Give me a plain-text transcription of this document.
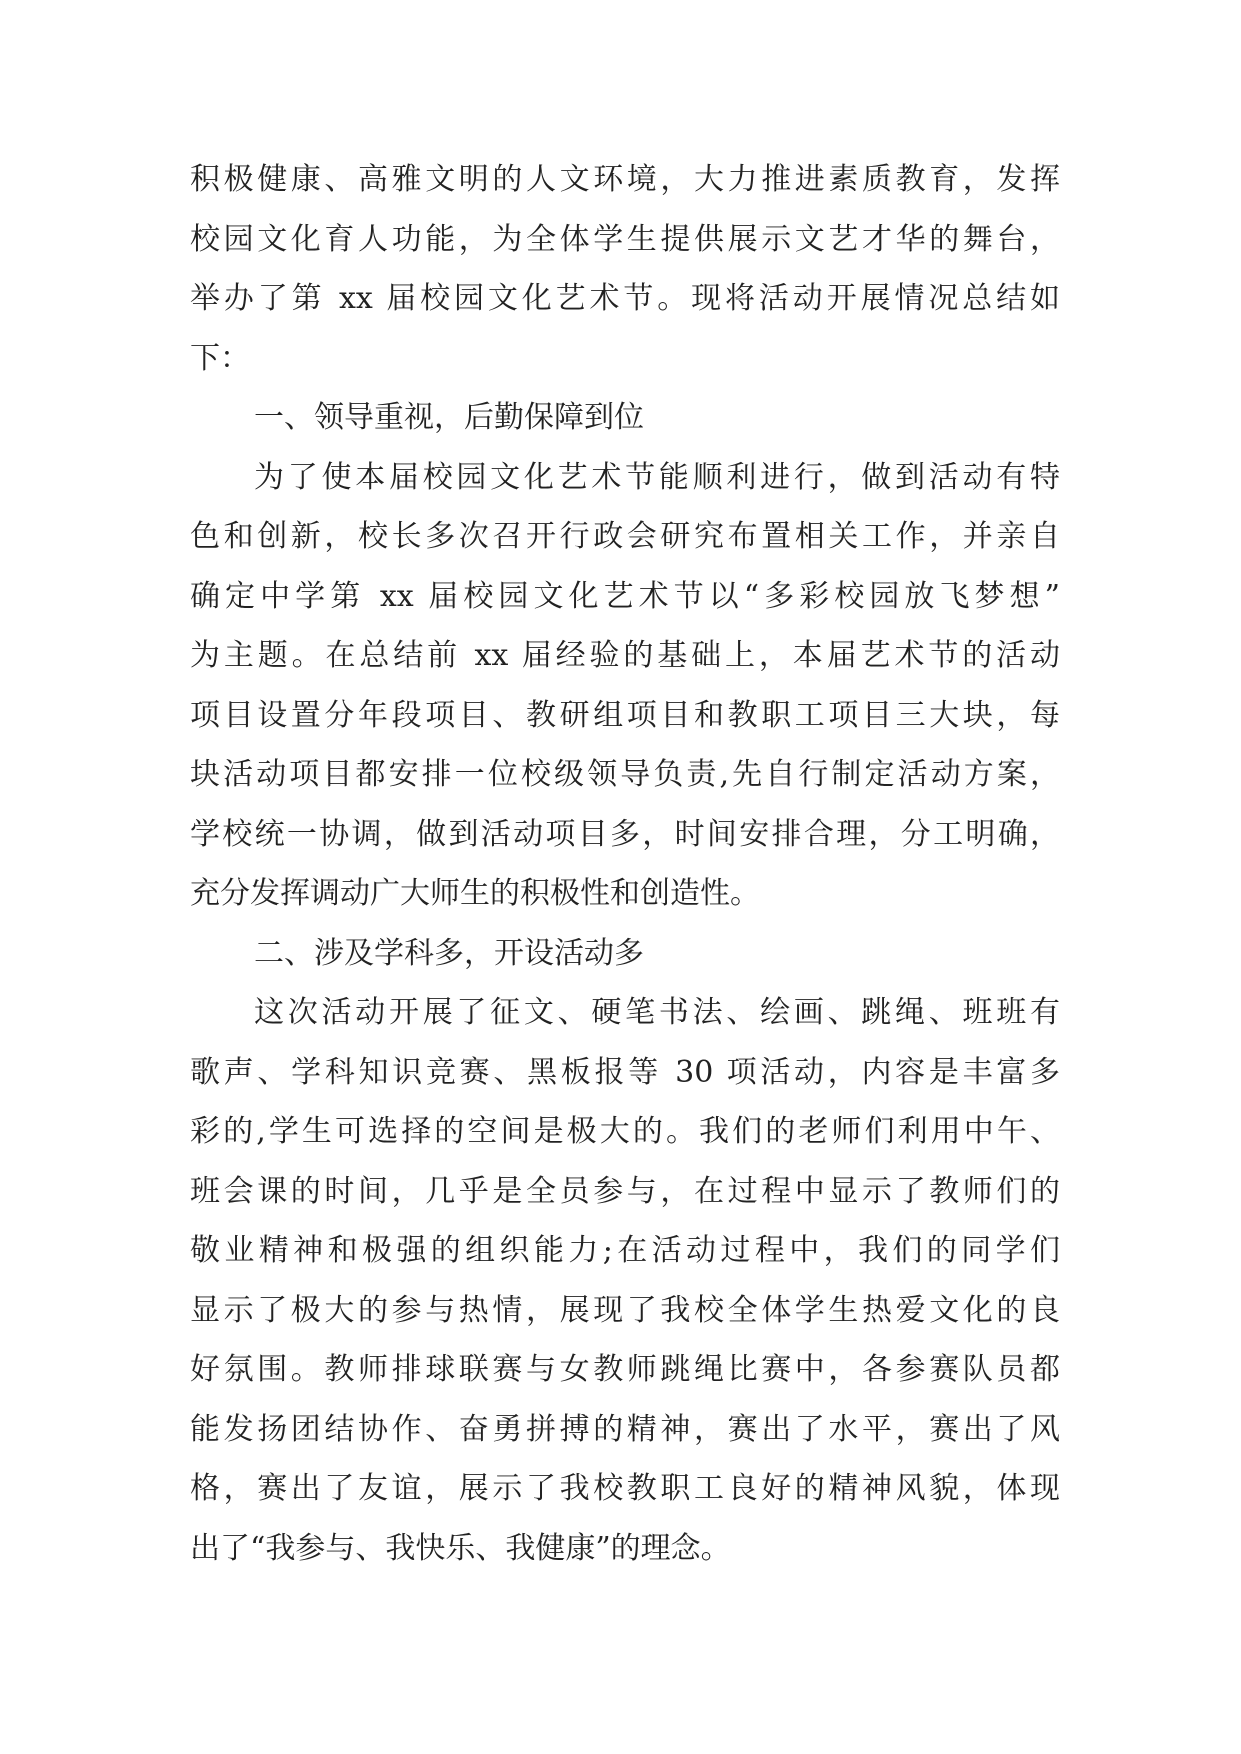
积极健康、高雅文明的人文环境，大力推进素质教育，发挥
校园文化育人功能，为全体学生提供展示文艺才华的舞台，
举办了第 xx 届校园文化艺术节。现将活动开展情况总结如
下：
一、领导重视，后勤保障到位
为了使本届校园文化艺术节能顺利进行，做到活动有特
色和创新，校长多次召开行政会研究布置相关工作，并亲自
确定中学第 xx 届校园文化艺术节以“多彩校园放飞梦想”
为主题。在总结前 xx 届经验的基础上，本届艺术节的活动
项目设置分年段项目、教研组项目和教职工项目三大块，每
块活动项目都安排一位校级领导负责,先自行制定活动方案，
学校统一协调，做到活动项目多，时间安排合理，分工明确，
充分发挥调动广大师生的积极性和创造性。
二、涉及学科多，开设活动多
这次活动开展了征文、硬笔书法、绘画、跳绳、班班有
歌声、学科知识竞赛、黑板报等 30 项活动，内容是丰富多
彩的,学生可选择的空间是极大的。我们的老师们利用中午、
班会课的时间，几乎是全员参与，在过程中显示了教师们的
敬业精神和极强的组织能力;在活动过程中，我们的同学们
显示了极大的参与热情，展现了我校全体学生热爱文化的良
好氛围。教师排球联赛与女教师跳绳比赛中，各参赛队员都
能发扬团结协作、奋勇拼搏的精神，赛出了水平，赛出了风
格，赛出了友谊，展示了我校教职工良好的精神风貌，体现
出了“我参与、我快乐、我健康”的理念。
